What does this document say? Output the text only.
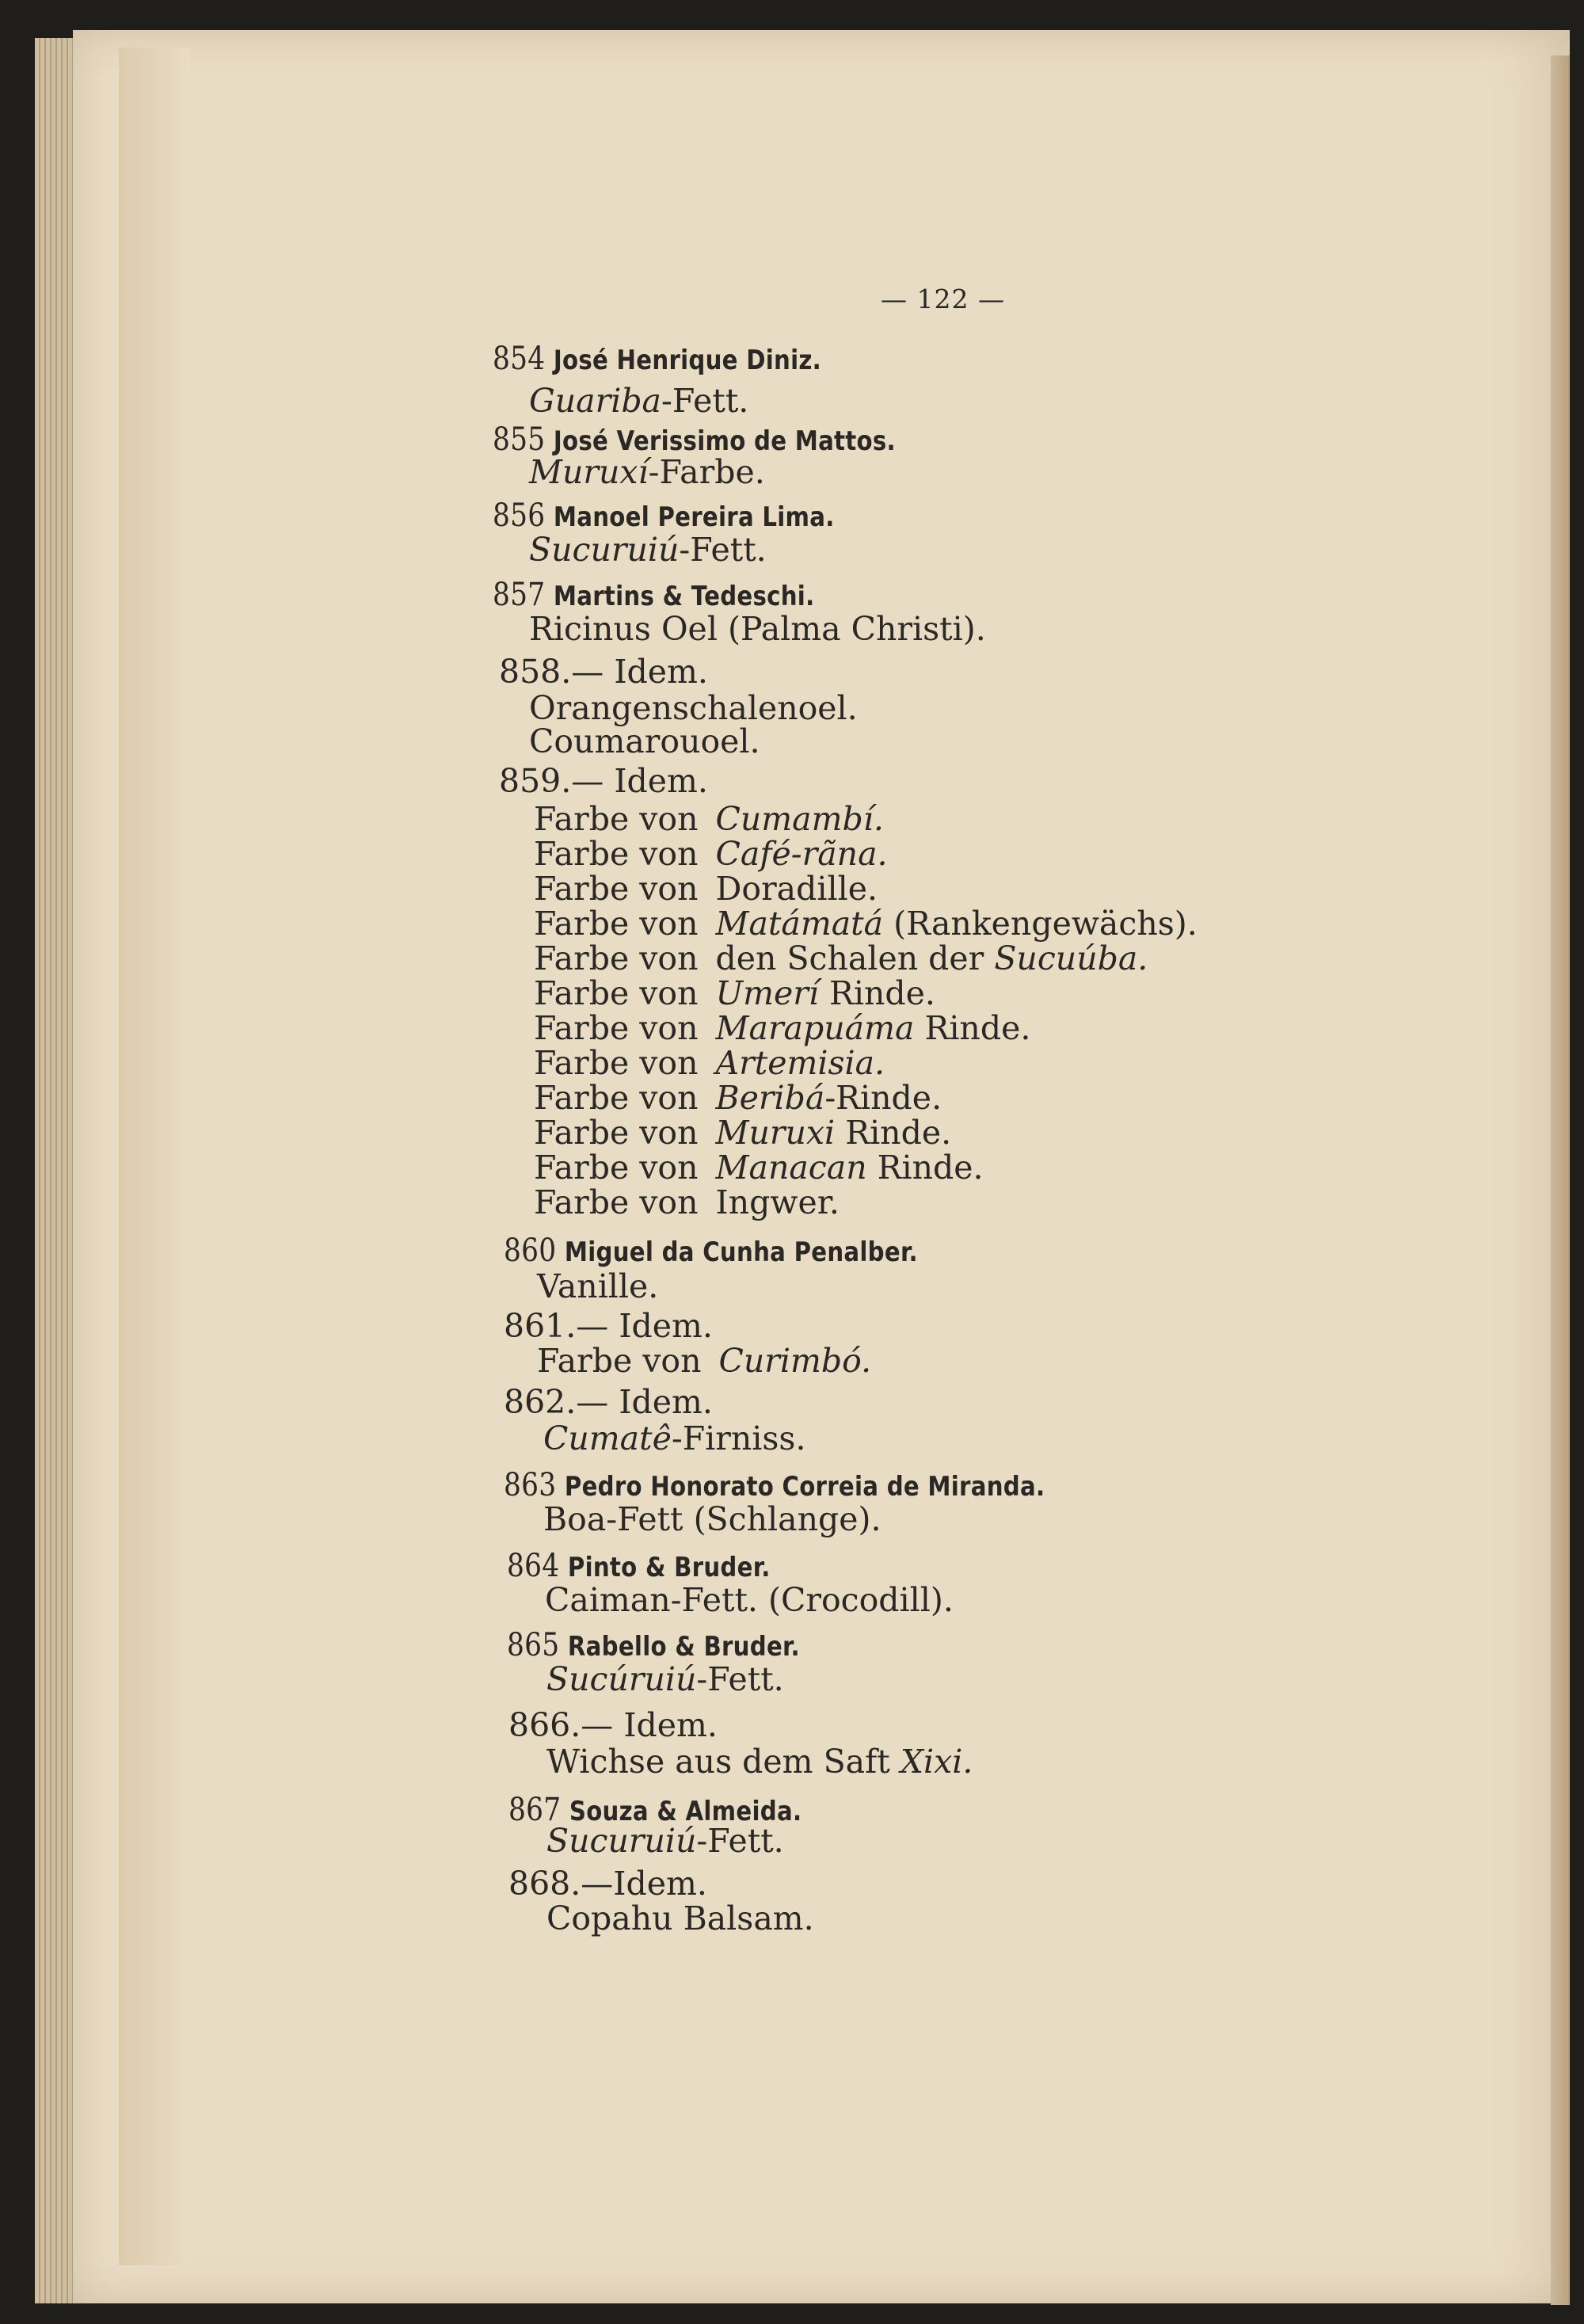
— 122 —
854 José Henrique Diniz.
Guariba-Fett.
855 José Verissimo de Mattos.
Muruxí-Farbe.
856 Manoel Pereira Lima.
Sucuruiú-Fett.
857 Martins & Tedeschi.
Ricinus Oel (Palma Christi).
858.— Idem.
Orangenschalenoel.
Coumarouoel.
859.— Idem.
Farbe von Cumambí.
Farbe von Café-rãna.
Farbe von Doradille.
Farbe von Matámatá (Rankengewächs).
Farbe von den Schalen der Sucuúba.
Farbe von Umerí Rinde.
Farbe von Marapuáma Rinde.
Farbe von Artemisia.
Farbe von Beribá-Rinde.
Farbe von Muruxi Rinde.
Farbe von Manacan Rinde.
Farbe von Ingwer.
860 Miguel da Cunha Penalber.
Vanille.
861.— Idem.
Farbe von Curimbó.
862.— Idem.
Cumatê-Firniss.
863 Pedro Honorato Correia de Miranda.
Boa-Fett (Schlange).
864 Pinto & Bruder.
Caiman-Fett. (Crocodill).
865 Rabello & Bruder.
Sucúruiú-Fett.
866.— Idem.
Wichse aus dem Saft Xixi.
867 Souza & Almeida.
Sucuruiú-Fett.
868.—Idem.
Copahu Balsam.
